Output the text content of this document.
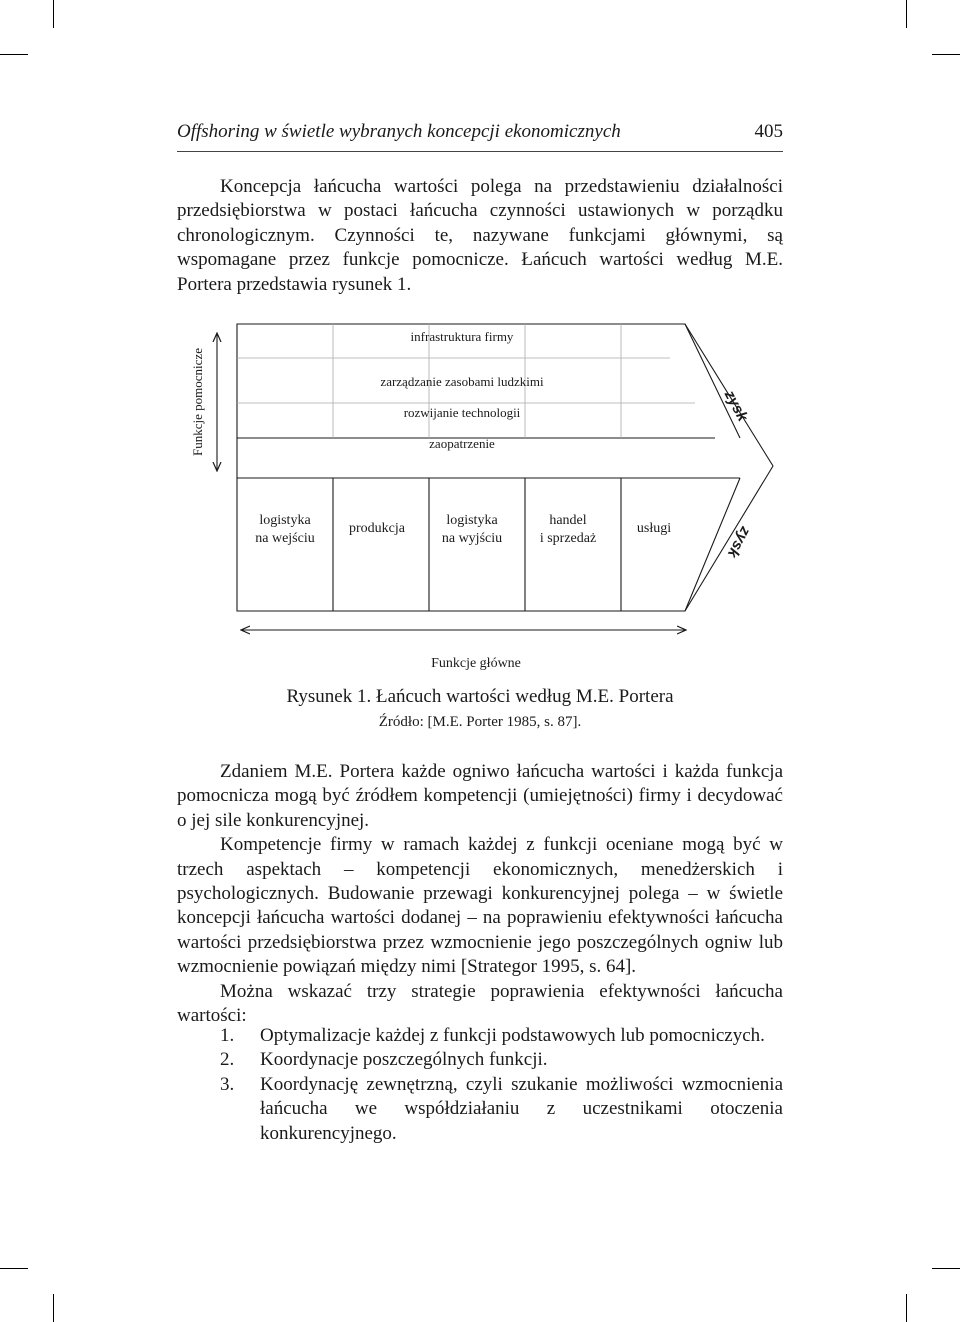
Offshoring w świetle wybranych koncepcji ekonomicznych	405

Koncepcja łańcucha wartości polega na przedstawieniu działalności przedsiębiorstwa w postaci łańcucha czynności ustawionych w porządku chronologicznym. Czynności te, nazywane funkcjami głównymi, są wspomagane przez funkcje pomocnicze. Łańcuch wartości według M.E. Portera przedstawia rysunek 1.

Funkcje pomocnicze
infrastruktura firmy
zarządzanie zasobami ludzkimi
rozwijanie technologii
zaopatrzenie
logistyka
na wejściu
produkcja
logistyka
na wyjściu
handel
i sprzedaż
usługi
zysk
zysk
Funkcje główne
Rysunek 1. Łańcuch wartości według M.E. Portera
Źródło: [M.E. Porter 1985, s. 87].

Zdaniem M.E. Portera każde ogniwo łańcucha wartości i każda funkcja pomocnicza mogą być źródłem kompetencji (umiejętności) firmy i decydować o jej sile konkurencyjnej.

Kompetencje firmy w ramach każdej z funkcji oceniane mogą być w trzech aspektach – kompetencji ekonomicznych, menedżerskich i psychologicznych. Budowanie przewagi konkurencyjnej polega – w świetle koncepcji łańcucha wartości dodanej – na poprawieniu efektywności łańcucha wartości przedsiębiorstwa przez wzmocnienie jego poszczególnych ogniw lub wzmocnienie powiązań między nimi [Strategor 1995, s. 64].

Można wskazać trzy strategie poprawienia efektywności łańcucha wartości:

1. Optymalizacje każdej z funkcji podstawowych lub pomocniczych.
2. Koordynacje poszczególnych funkcji.
3. Koordynację zewnętrzną, czyli szukanie możliwości wzmocnienia łańcucha we współdziałaniu z uczestnikami otoczenia konkurencyjnego.
